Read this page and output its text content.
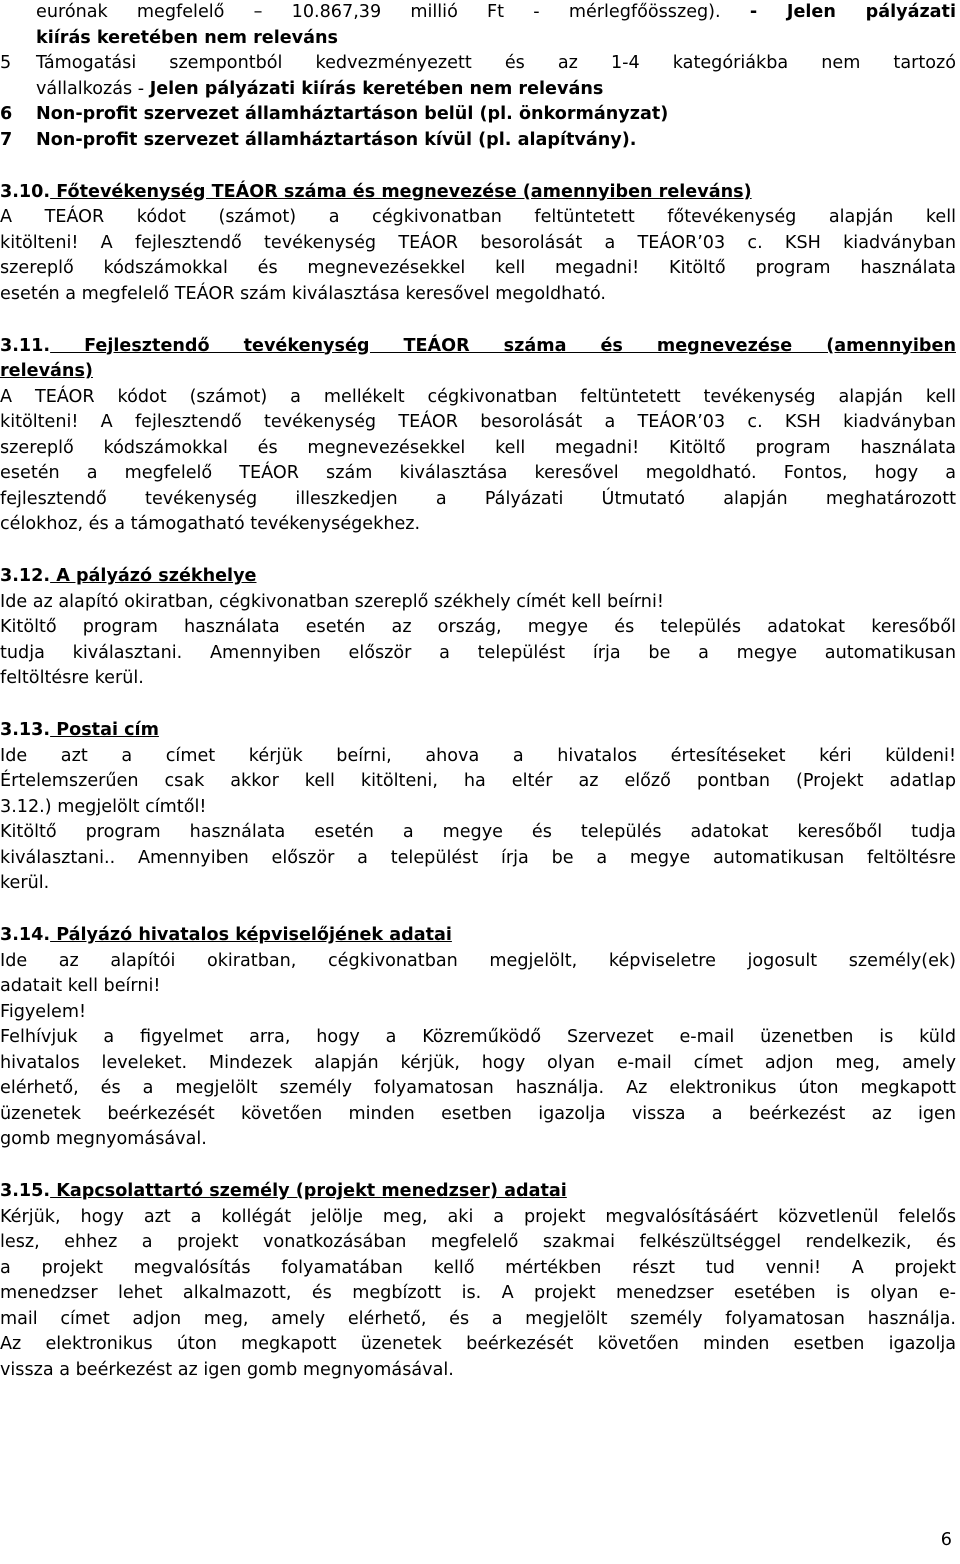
eurónak megfelelő – 10.867,39 millió Ft - mérlegfőösszeg). - Jelen pályázati
kiírás keretében nem releváns
5 Támogatási szempontból kedvezményezett és az 1-4 kategóriákba nem tartozó
vállalkozás - Jelen pályázati kiírás keretében nem releváns
6 Non-profit szervezet államháztartáson belül (pl. önkormányzat)
7 Non-profit szervezet államháztartáson kívül (pl. alapítvány).
3.10. Főtevékenység TEÁOR száma és megnevezése (amennyiben releváns)
A TEÁOR kódot (számot) a cégkivonatban feltüntetett főtevékenység alapján kell
kitölteni! A fejlesztendő tevékenység TEÁOR besorolását a TEÁOR’03 c. KSH kiadványban
szereplő kódszámokkal és megnevezésekkel kell megadni! Kitöltő program használata
esetén a megfelelő TEÁOR szám kiválasztása keresővel megoldható.
3.11. Fejlesztendő tevékenység TEÁOR száma és megnevezése (amennyiben
releváns)
A TEÁOR kódot (számot) a mellékelt cégkivonatban feltüntetett tevékenység alapján kell
kitölteni! A fejlesztendő tevékenység TEÁOR besorolását a TEÁOR’03 c. KSH kiadványban
szereplő kódszámokkal és megnevezésekkel kell megadni! Kitöltő program használata
esetén a megfelelő TEÁOR szám kiválasztása keresővel megoldható. Fontos, hogy a
fejlesztendő tevékenység illeszkedjen a Pályázati Útmutató alapján meghatározott
célokhoz, és a támogatható tevékenységekhez.
3.12. A pályázó székhelye
Ide az alapító okiratban, cégkivonatban szereplő székhely címét kell beírni!
Kitöltő program használata esetén az ország, megye és település adatokat keresőből
tudja kiválasztani. Amennyiben először a települést írja be a megye automatikusan
feltöltésre kerül.
3.13. Postai cím
Ide azt a címet kérjük beírni, ahova a hivatalos értesítéseket kéri küldeni!
Értelemszerűen csak akkor kell kitölteni, ha eltér az előző pontban (Projekt adatlap
3.12.) megjelölt címtől!
Kitöltő program használata esetén a megye és település adatokat keresőből tudja
kiválasztani.. Amennyiben először a települést írja be a megye automatikusan feltöltésre
kerül.
3.14. Pályázó hivatalos képviselőjének adatai
Ide az alapítói okiratban, cégkivonatban megjelölt, képviseletre jogosult személy(ek)
adatait kell beírni!
Figyelem!
Felhívjuk a figyelmet arra, hogy a Közreműködő Szervezet e-mail üzenetben is küld
hivatalos leveleket. Mindezek alapján kérjük, hogy olyan e-mail címet adjon meg, amely
elérhető, és a megjelölt személy folyamatosan használja. Az elektronikus úton megkapott
üzenetek beérkezését követően minden esetben igazolja vissza a beérkezést az igen
gomb megnyomásával.
3.15. Kapcsolattartó személy (projekt menedzser) adatai
Kérjük, hogy azt a kollégát jelölje meg, aki a projekt megvalósításáért közvetlenül felelős
lesz, ehhez a projekt vonatkozásában megfelelő szakmai felkészültséggel rendelkezik, és
a projekt megvalósítás folyamatában kellő mértékben részt tud venni! A projekt
menedzser lehet alkalmazott, és megbízott is. A projekt menedzser esetében is olyan e-
mail címet adjon meg, amely elérhető, és a megjelölt személy folyamatosan használja.
Az elektronikus úton megkapott üzenetek beérkezését követően minden esetben igazolja
vissza a beérkezést az igen gomb megnyomásával.
6
